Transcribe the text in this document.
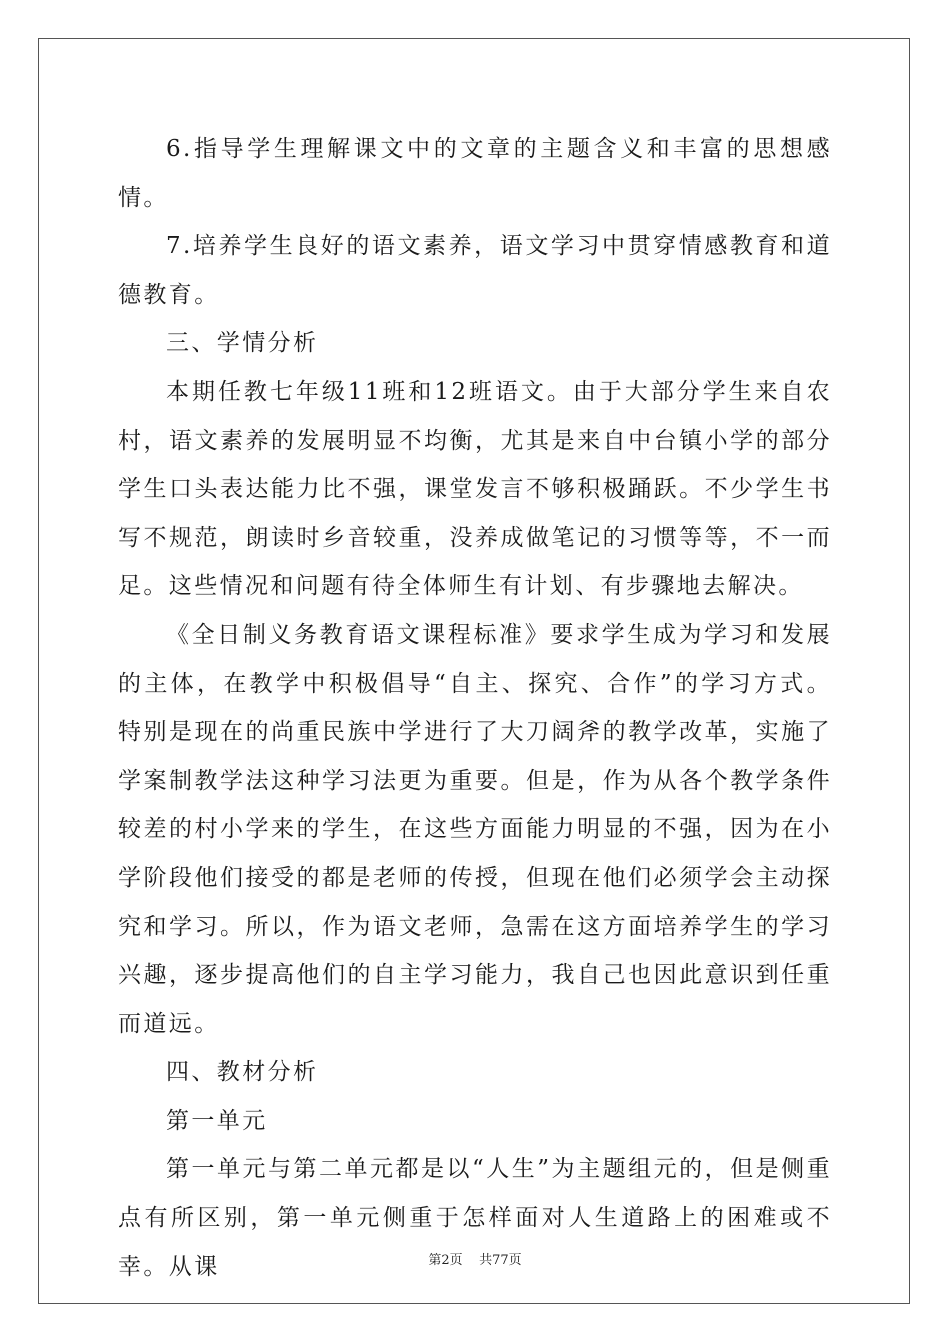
6.指导学生理解课文中的文章的主题含义和丰富的思想感情。

7.培养学生良好的语文素养，语文学习中贯穿情感教育和道德教育。

三、学情分析

本期任教七年级11班和12班语文。由于大部分学生来自农村，语文素养的发展明显不均衡，尤其是来自中台镇小学的部分学生口头表达能力比不强，课堂发言不够积极踊跃。不少学生书写不规范，朗读时乡音较重，没养成做笔记的习惯等等，不一而足。这些情况和问题有待全体师生有计划、有步骤地去解决。

《全日制义务教育语文课程标准》要求学生成为学习和发展的主体，在教学中积极倡导“自主、探究、合作”的学习方式。特别是现在的尚重民族中学进行了大刀阔斧的教学改革，实施了学案制教学法这种学习法更为重要。但是，作为从各个教学条件较差的村小学来的学生，在这些方面能力明显的不强，因为在小学阶段他们接受的都是老师的传授，但现在他们必须学会主动探究和学习。所以，作为语文老师，急需在这方面培养学生的学习兴趣，逐步提高他们的自主学习能力，我自己也因此意识到任重而道远。

四、教材分析

第一单元

第一单元与第二单元都是以“人生”为主题组元的，但是侧重点有所区别，第一单元侧重于怎样面对人生道路上的困难或不幸。从课	第2页 共77页
